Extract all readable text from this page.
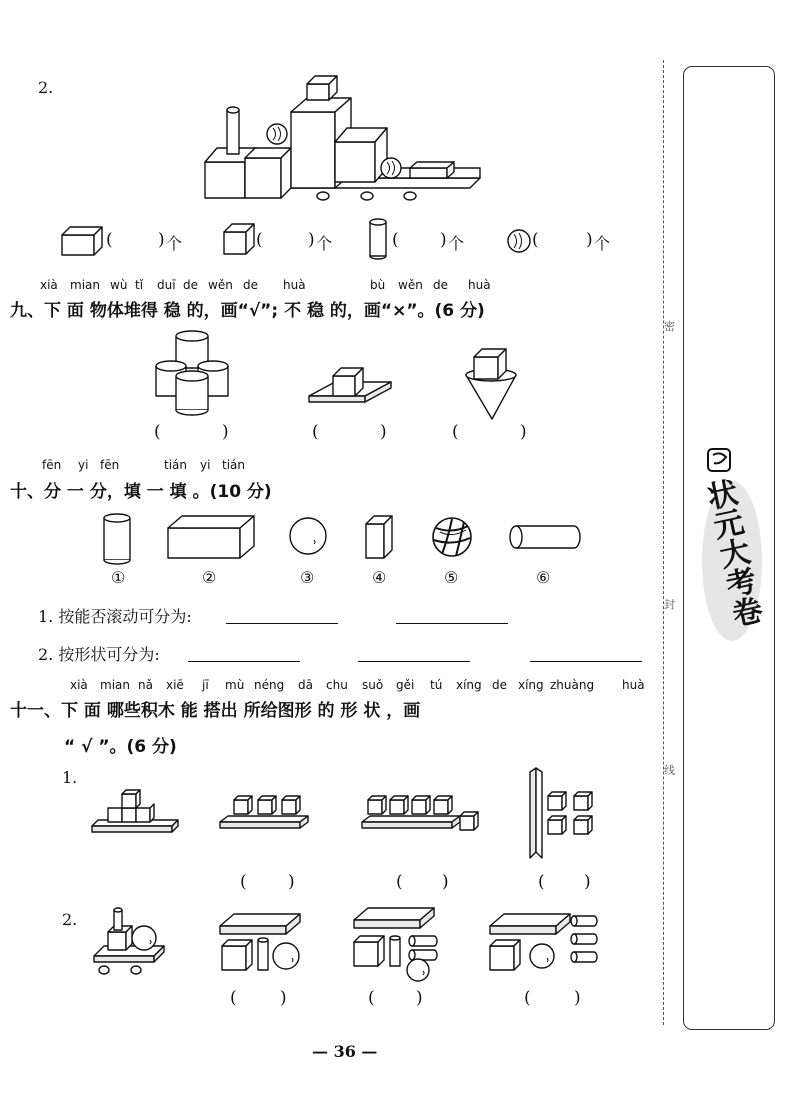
2.
(	) 个	(	) 个	( ) 个	(	) 个
xià mian wù tǐ duī de wěn de huà	bù wěn de huà
九、下 面 物体堆得 稳 的，画“√”; 不 稳 的，画“×”。(6 分)
(	)	(	)	(	)
fēn yi fēn	tián yi tián
十、分 一 分，填 一 填 。(10 分)
①	②	③	④	⑤	⑥
1. 按能否滚动可分为:
2. 按形状可分为:
xià mian nǎ xiē jī mù néng dā chu suǒ gěi tú xíng de xíng zhuàng huà
十一、下 面 哪些积木 能 搭出 所给图形 的 形 状 ，画
“ √ ”。(6 分)
1.
( )	( )	( )
2.
(	)	( )	(	)
— 36 —
密
封
线
状元大考卷
